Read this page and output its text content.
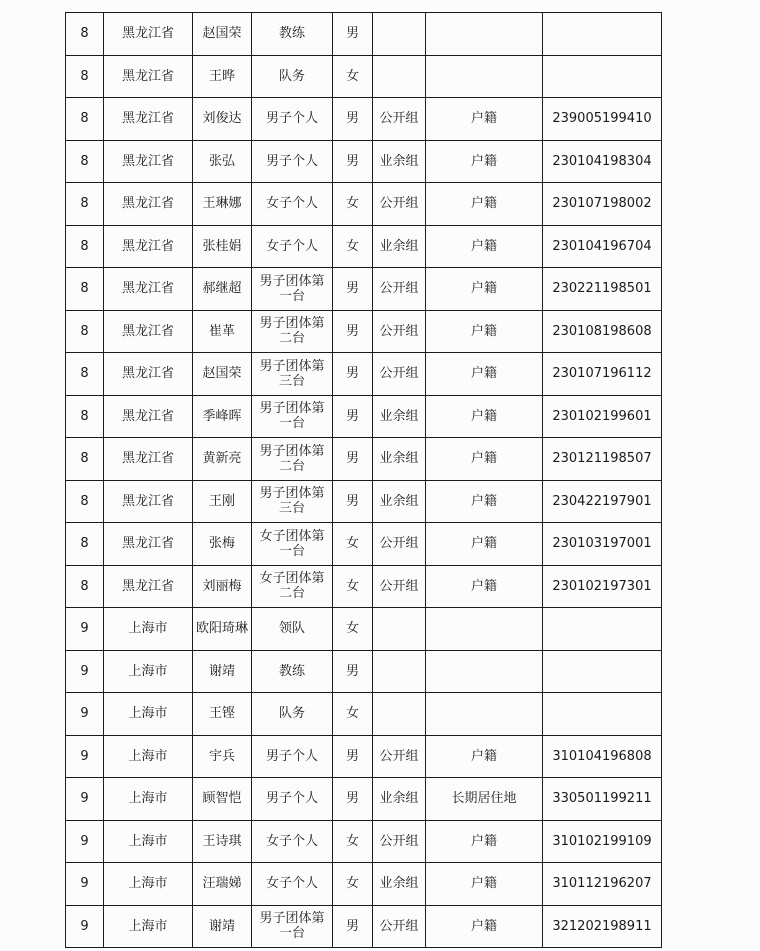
8	黑龙江省	赵国荣	教练	男			
8	黑龙江省	王晔	队务	女			
8	黑龙江省	刘俊达	男子个人	男	公开组	户籍	239005199410
8	黑龙江省	张弘	男子个人	男	业余组	户籍	230104198304
8	黑龙江省	王琳娜	女子个人	女	公开组	户籍	230107198002
8	黑龙江省	张桂娟	女子个人	女	业余组	户籍	230104196704
8	黑龙江省	郝继超	男子团体第一台	男	公开组	户籍	230221198501
8	黑龙江省	崔革	男子团体第二台	男	公开组	户籍	230108198608
8	黑龙江省	赵国荣	男子团体第三台	男	公开组	户籍	230107196112
8	黑龙江省	季峰晖	男子团体第一台	男	业余组	户籍	230102199601
8	黑龙江省	黄新亮	男子团体第二台	男	业余组	户籍	230121198507
8	黑龙江省	王刚	男子团体第三台	男	业余组	户籍	230422197901
8	黑龙江省	张梅	女子团体第一台	女	公开组	户籍	230103197001
8	黑龙江省	刘丽梅	女子团体第二台	女	公开组	户籍	230102197301
9	上海市	欧阳琦琳	领队	女			
9	上海市	谢靖	教练	男			
9	上海市	王铿	队务	女			
9	上海市	宇兵	男子个人	男	公开组	户籍	310104196808
9	上海市	顾智恺	男子个人	男	业余组	长期居住地	330501199211
9	上海市	王诗琪	女子个人	女	公开组	户籍	310102199109
9	上海市	汪瑞娣	女子个人	女	业余组	户籍	310112196207
9	上海市	谢靖	男子团体第一台	男	公开组	户籍	321202198911
